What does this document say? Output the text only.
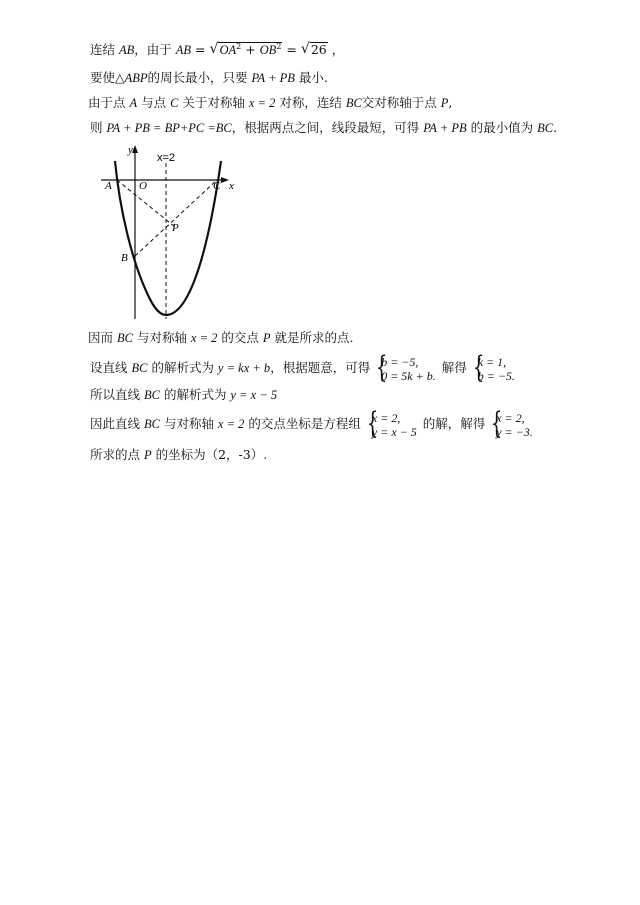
连结 AB，由于 AB = √ $OA^2 + OB^2$ = √ 26 ，
要使△ABP的周长最小，只要 PA + PB 最小.
由于点 A 与点 C 关于对称轴 x = 2 对称，连结 BC交对称轴于点 P,
则 PA + PB = BP+PC =BC，根据两点之间，线段最短，可得 PA + PB 的最小值为 BC.
y
x
x=2
O
A
B
C
P
因而 BC 与对称轴 x = 2 的交点 P 就是所求的点.
设直线 BC 的解析式为 y = kx + b，根据题意，可得 {
b = −5,
0 = 5k + b.
解得 {
k = 1,
b = −5.
所以直线 BC 的解析式为 y = x − 5
因此直线 BC 与对称轴 x = 2 的交点坐标是方程组 {
x = 2,
y = x − 5
的解，解得 {
x = 2,
y = −3.
所求的点 P 的坐标为（2，-3）.
